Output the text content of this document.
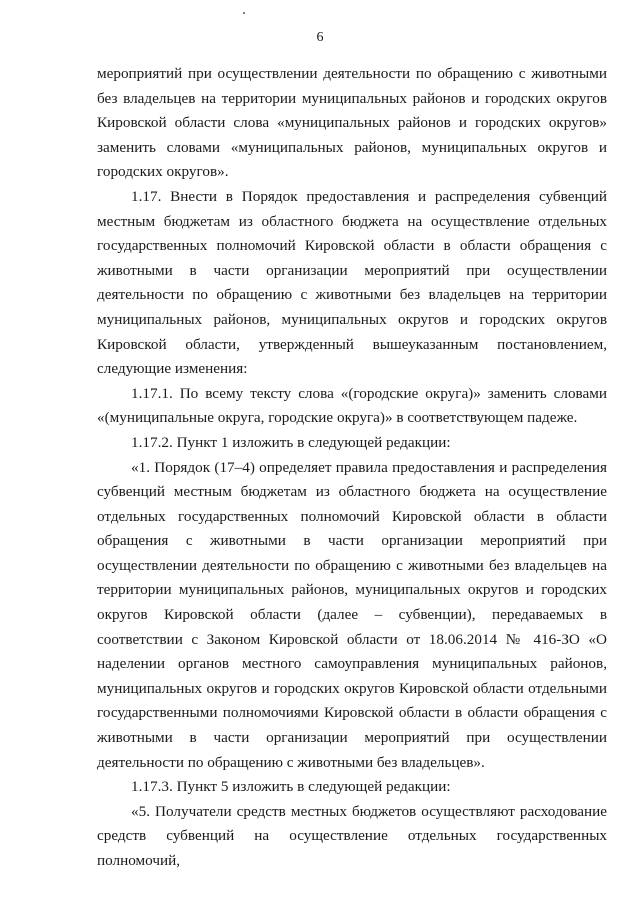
6

мероприятий при осуществлении деятельности по обращению с животными без владельцев на территории муниципальных районов и городских округов Кировской области слова «муниципальных районов и городских округов» заменить словами «муниципальных районов, муниципальных округов и городских округов».

1.17. Внести в Порядок предоставления и распределения субвенций местным бюджетам из областного бюджета на осуществление отдельных государственных полномочий Кировской области в области обращения с животными в части организации мероприятий при осуществлении деятельности по обращению с животными без владельцев на территории муниципальных районов, муниципальных округов и городских округов Кировской области, утвержденный вышеуказанным постановлением, следующие изменения:

1.17.1. По всему тексту слова «(городские округа)» заменить словами «(муниципальные округа, городские округа)» в соответствующем падеже.

1.17.2. Пункт 1 изложить в следующей редакции:

«1. Порядок (17–4) определяет правила предоставления и распределения субвенций местным бюджетам из областного бюджета на осуществление отдельных государственных полномочий Кировской области в области обращения с животными в части организации мероприятий при осуществлении деятельности по обращению с животными без владельцев на территории муниципальных районов, муниципальных округов и городских округов Кировской области (далее – субвенции), передаваемых в соответствии с Законом Кировской области от 18.06.2014 № 416-ЗО «О наделении органов местного самоуправления муниципальных районов, муниципальных округов и городских округов Кировской области отдельными государственными полномочиями Кировской области в области обращения с животными в части организации мероприятий при осуществлении деятельности по обращению с животными без владельцев».

1.17.3. Пункт 5 изложить в следующей редакции:

«5. Получатели средств местных бюджетов осуществляют расходование средств субвенций на осуществление отдельных государственных полномочий,
